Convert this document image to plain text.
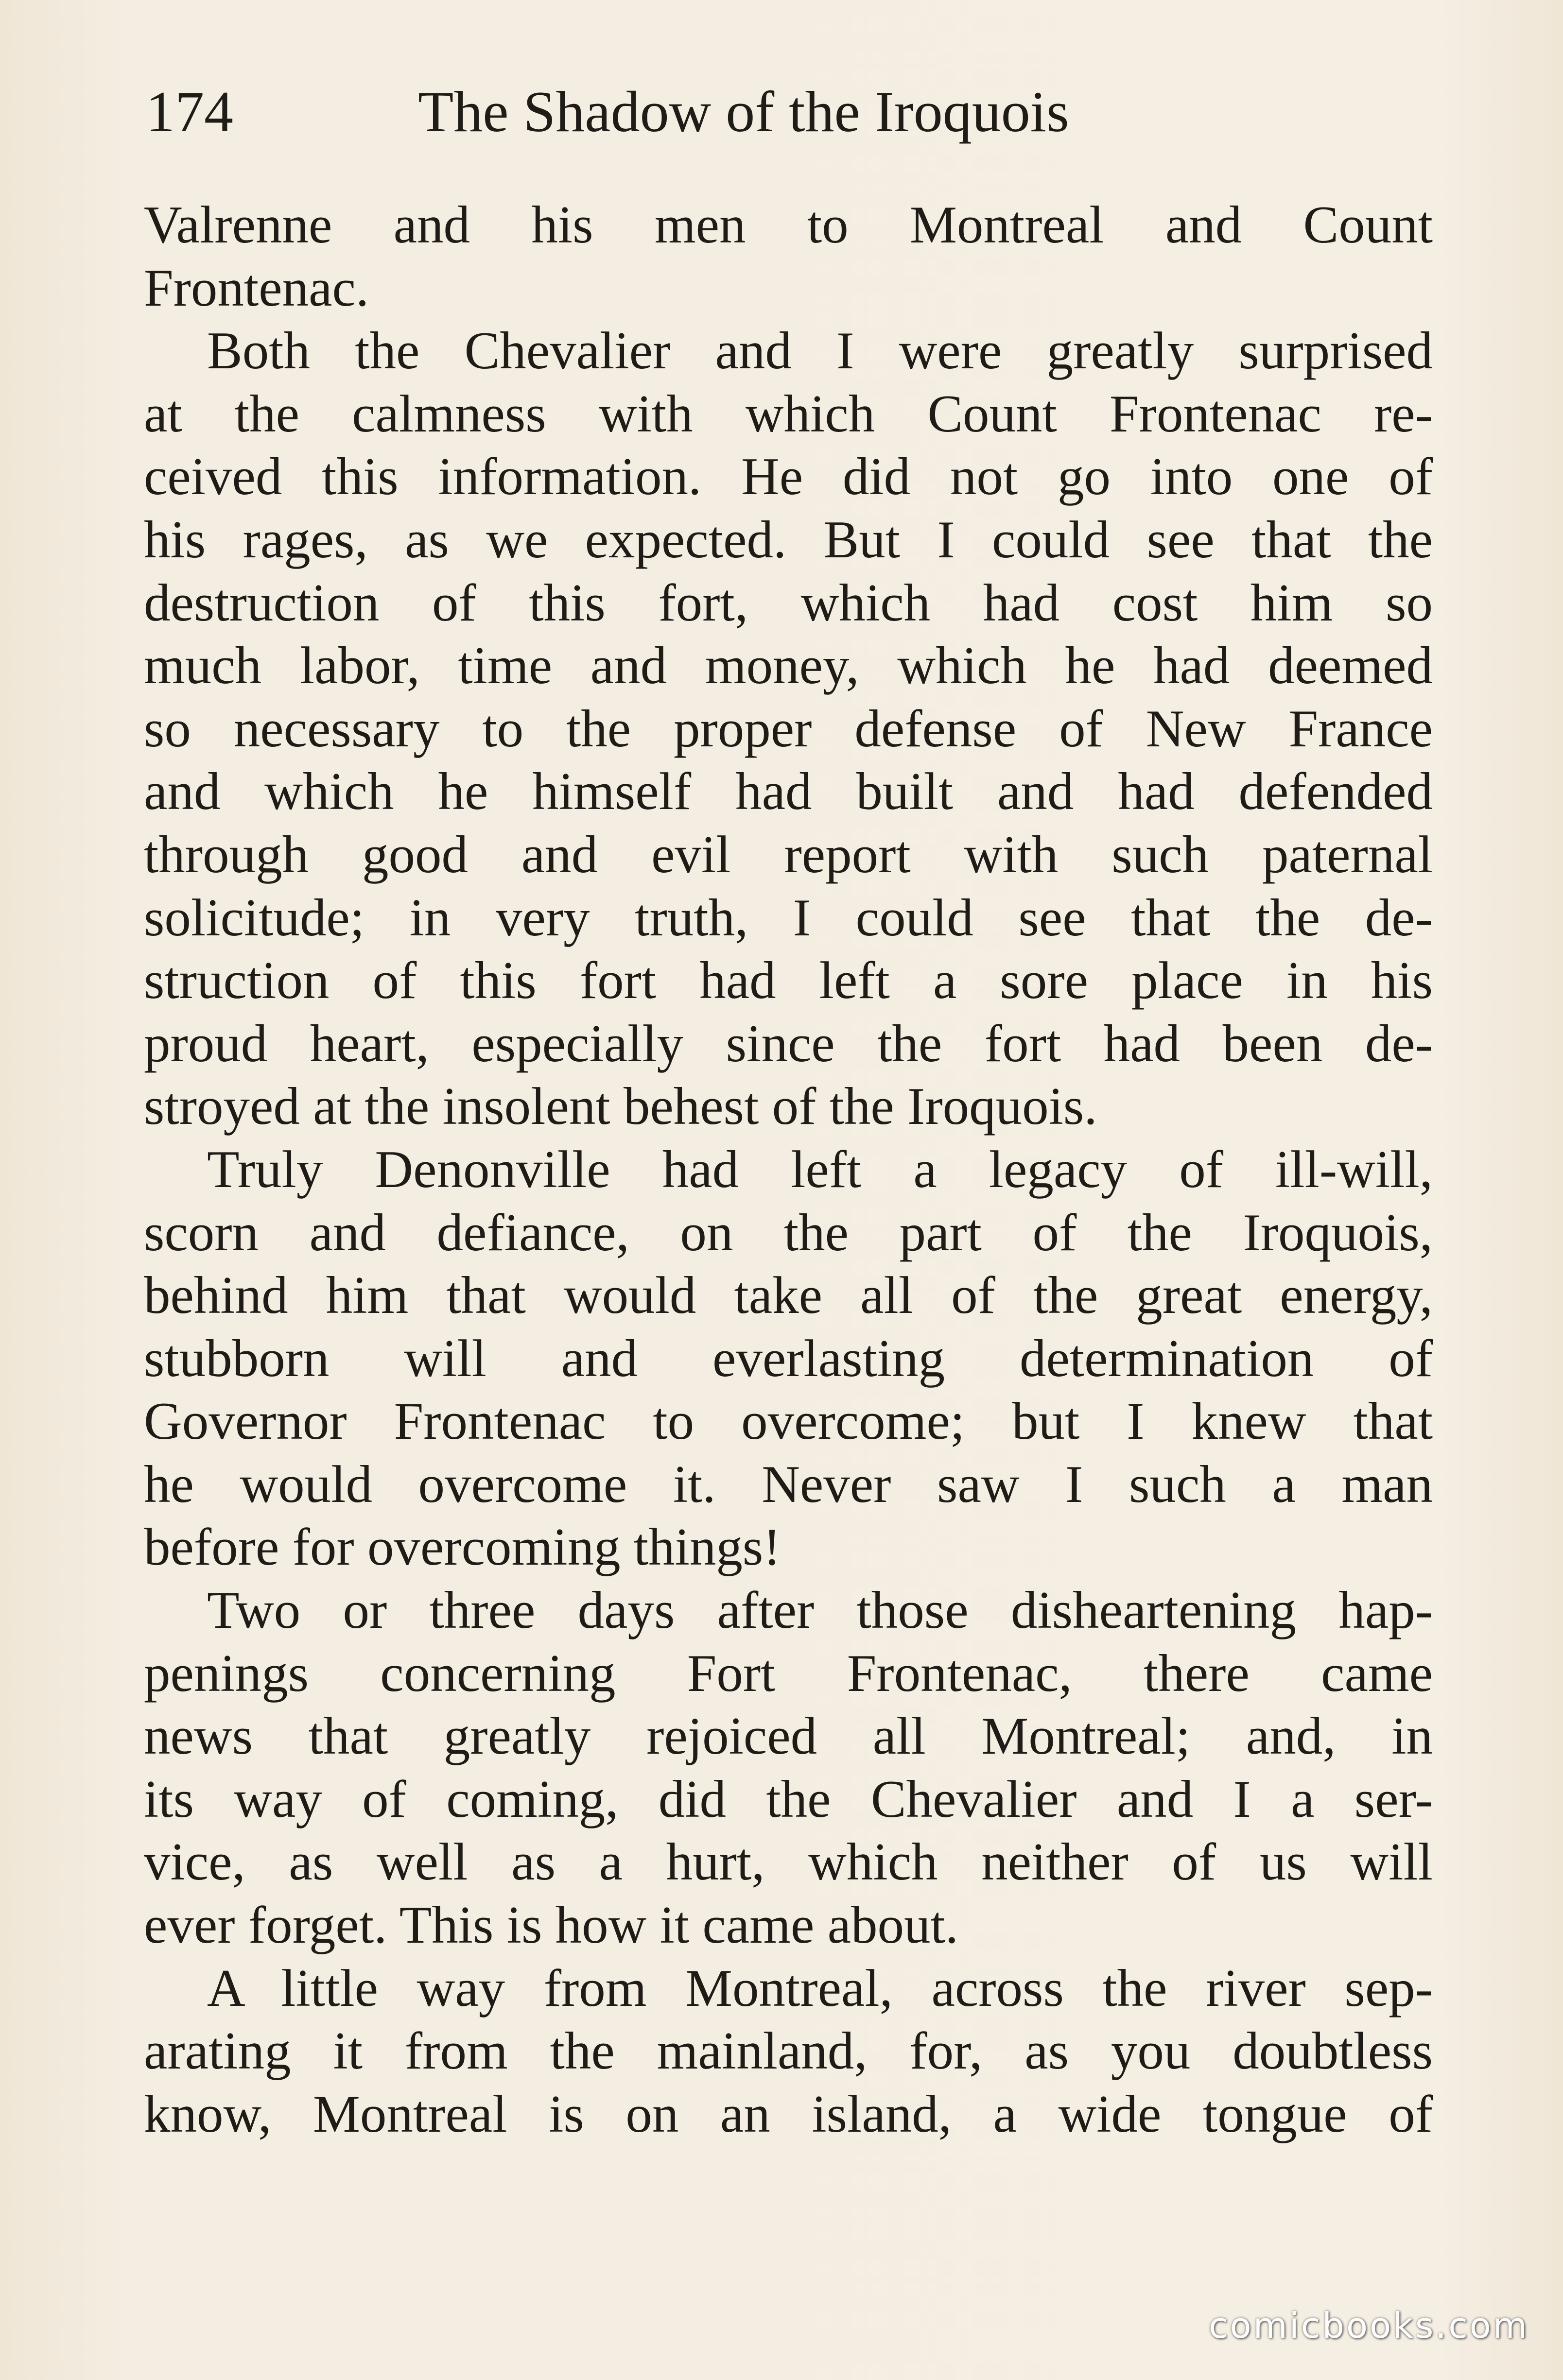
174	The Shadow of the Iroquois
Valrenne and his men to Montreal and Count
Frontenac.
Both the Chevalier and I were greatly surprised
at the calmness with which Count Frontenac re-
ceived this information. He did not go into one of
his rages, as we expected. But I could see that the
destruction of this fort, which had cost him so
much labor, time and money, which he had deemed
so necessary to the proper defense of New France
and which he himself had built and had defended
through good and evil report with such paternal
solicitude; in very truth, I could see that the de-
struction of this fort had left a sore place in his
proud heart, especially since the fort had been de-
stroyed at the insolent behest of the Iroquois.
Truly Denonville had left a legacy of ill-will,
scorn and defiance, on the part of the Iroquois,
behind him that would take all of the great energy,
stubborn will and everlasting determination of
Governor Frontenac to overcome; but I knew that
he would overcome it. Never saw I such a man
before for overcoming things!
Two or three days after those disheartening hap-
penings concerning Fort Frontenac, there came
news that greatly rejoiced all Montreal; and, in
its way of coming, did the Chevalier and I a ser-
vice, as well as a hurt, which neither of us will
ever forget. This is how it came about.
A little way from Montreal, across the river sep-
arating it from the mainland, for, as you doubtless
know, Montreal is on an island, a wide tongue of
comicbooks.com
